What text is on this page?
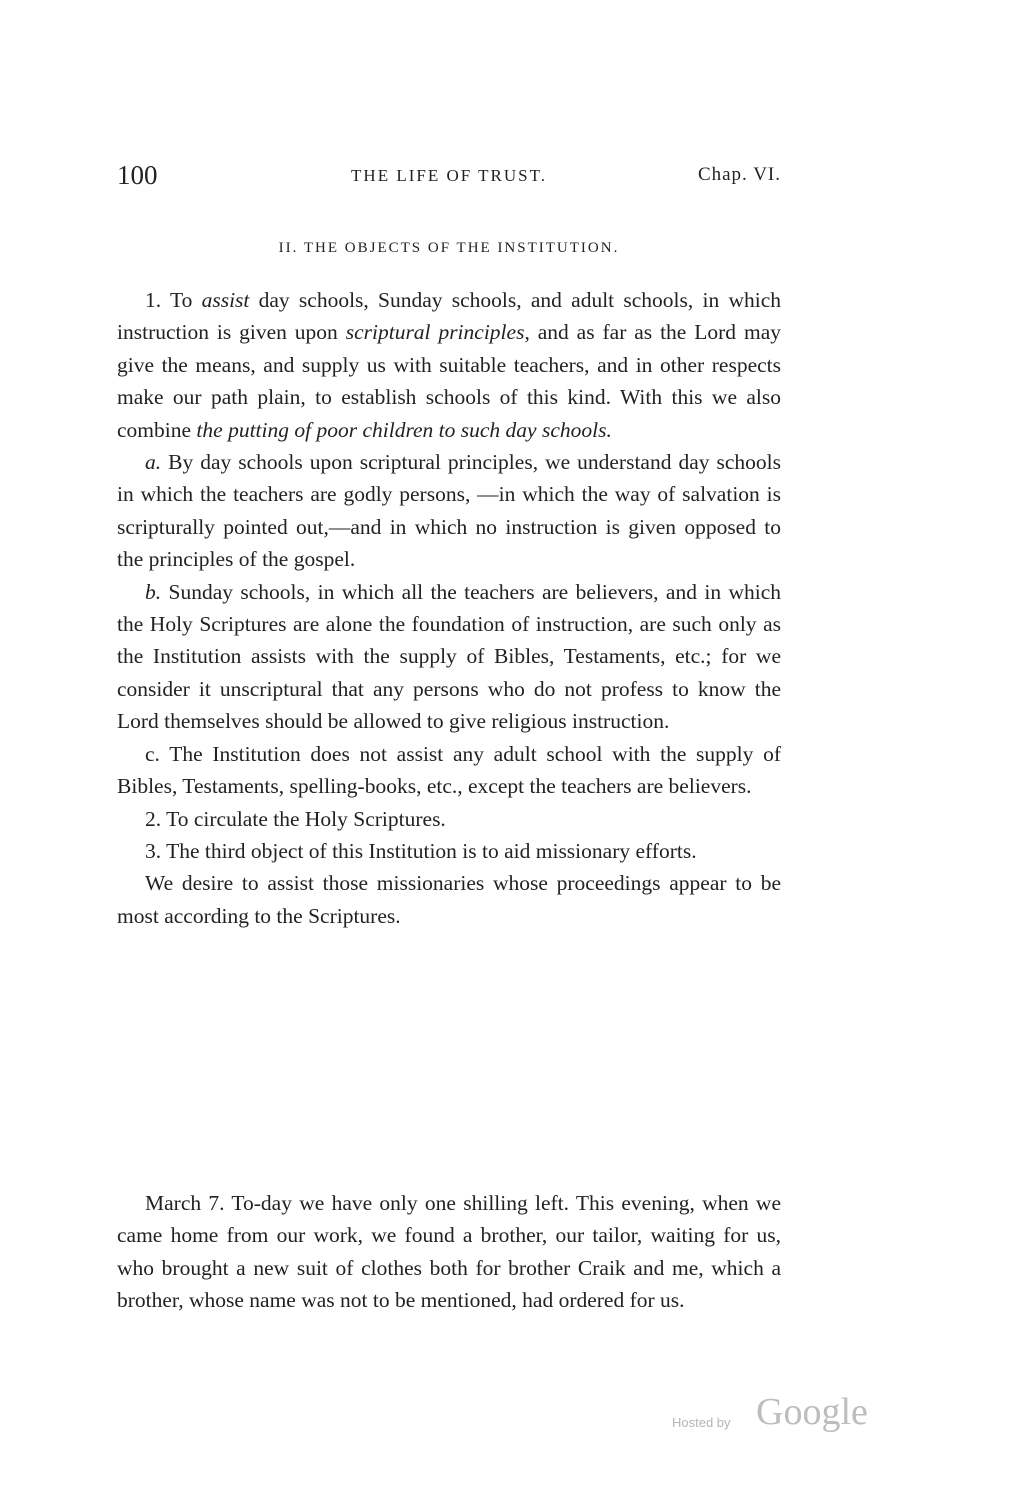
100	THE LIFE OF TRUST.	Chap. VI.
II. THE OBJECTS OF THE INSTITUTION.

1. To assist day schools, Sunday schools, and adult schools, in which instruction is given upon scriptural principles, and as far as the Lord may give the means, and supply us with suitable teachers, and in other respects make our path plain, to establish schools of this kind. With this we also combine the putting of poor children to such day schools.

a. By day schools upon scriptural principles, we understand day schools in which the teachers are godly persons, —in which the way of salvation is scripturally pointed out,—and in which no instruction is given opposed to the principles of the gospel.

b. Sunday schools, in which all the teachers are believers, and in which the Holy Scriptures are alone the foundation of instruction, are such only as the Institution assists with the supply of Bibles, Testaments, etc.; for we consider it unscriptural that any persons who do not profess to know the Lord themselves should be allowed to give religious instruction.

c. The Institution does not assist any adult school with the supply of Bibles, Testaments, spelling-books, etc., except the teachers are believers.

2. To circulate the Holy Scriptures.

3. The third object of this Institution is to aid missionary efforts.

We desire to assist those missionaries whose proceedings appear to be most according to the Scriptures.

March 7. To-day we have only one shilling left. This evening, when we came home from our work, we found a brother, our tailor, waiting for us, who brought a new suit of clothes both for brother Craik and me, which a brother, whose name was not to be mentioned, had ordered for us.

Hosted by Google
